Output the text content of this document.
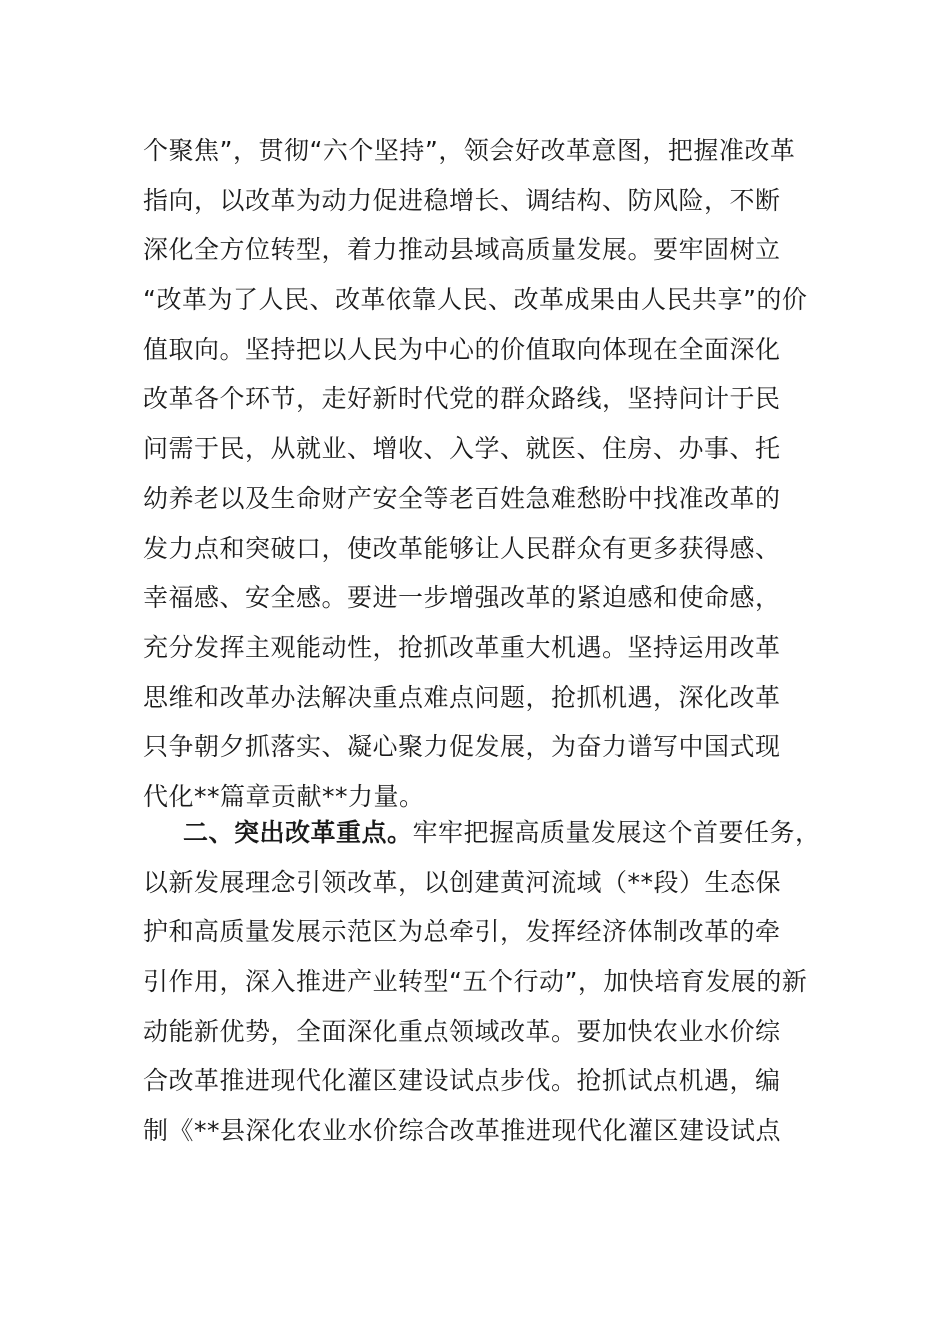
个聚焦”，贯彻“六个坚持”，领会好改革意图，把握准改革
指向，以改革为动力促进稳增长、调结构、防风险，不断
深化全方位转型，着力推动县域高质量发展。要牢固树立
“改革为了人民、改革依靠人民、改革成果由人民共享”的价
值取向。坚持把以人民为中心的价值取向体现在全面深化
改革各个环节，走好新时代党的群众路线，坚持问计于民
问需于民，从就业、增收、入学、就医、住房、办事、托
幼养老以及生命财产安全等老百姓急难愁盼中找准改革的
发力点和突破口，使改革能够让人民群众有更多获得感、
幸福感、安全感。要进一步增强改革的紧迫感和使命感，
充分发挥主观能动性，抢抓改革重大机遇。坚持运用改革
思维和改革办法解决重点难点问题，抢抓机遇，深化改革
只争朝夕抓落实、凝心聚力促发展，为奋力谱写中国式现
代化**篇章贡献**力量。
二、突出改革重点。牢牢把握高质量发展这个首要任务，
以新发展理念引领改革，以创建黄河流域（**段）生态保
护和高质量发展示范区为总牵引，发挥经济体制改革的牵
引作用，深入推进产业转型“五个行动”，加快培育发展的新
动能新优势，全面深化重点领域改革。要加快农业水价综
合改革推进现代化灌区建设试点步伐。抢抓试点机遇，编
制《**县深化农业水价综合改革推进现代化灌区建设试点
